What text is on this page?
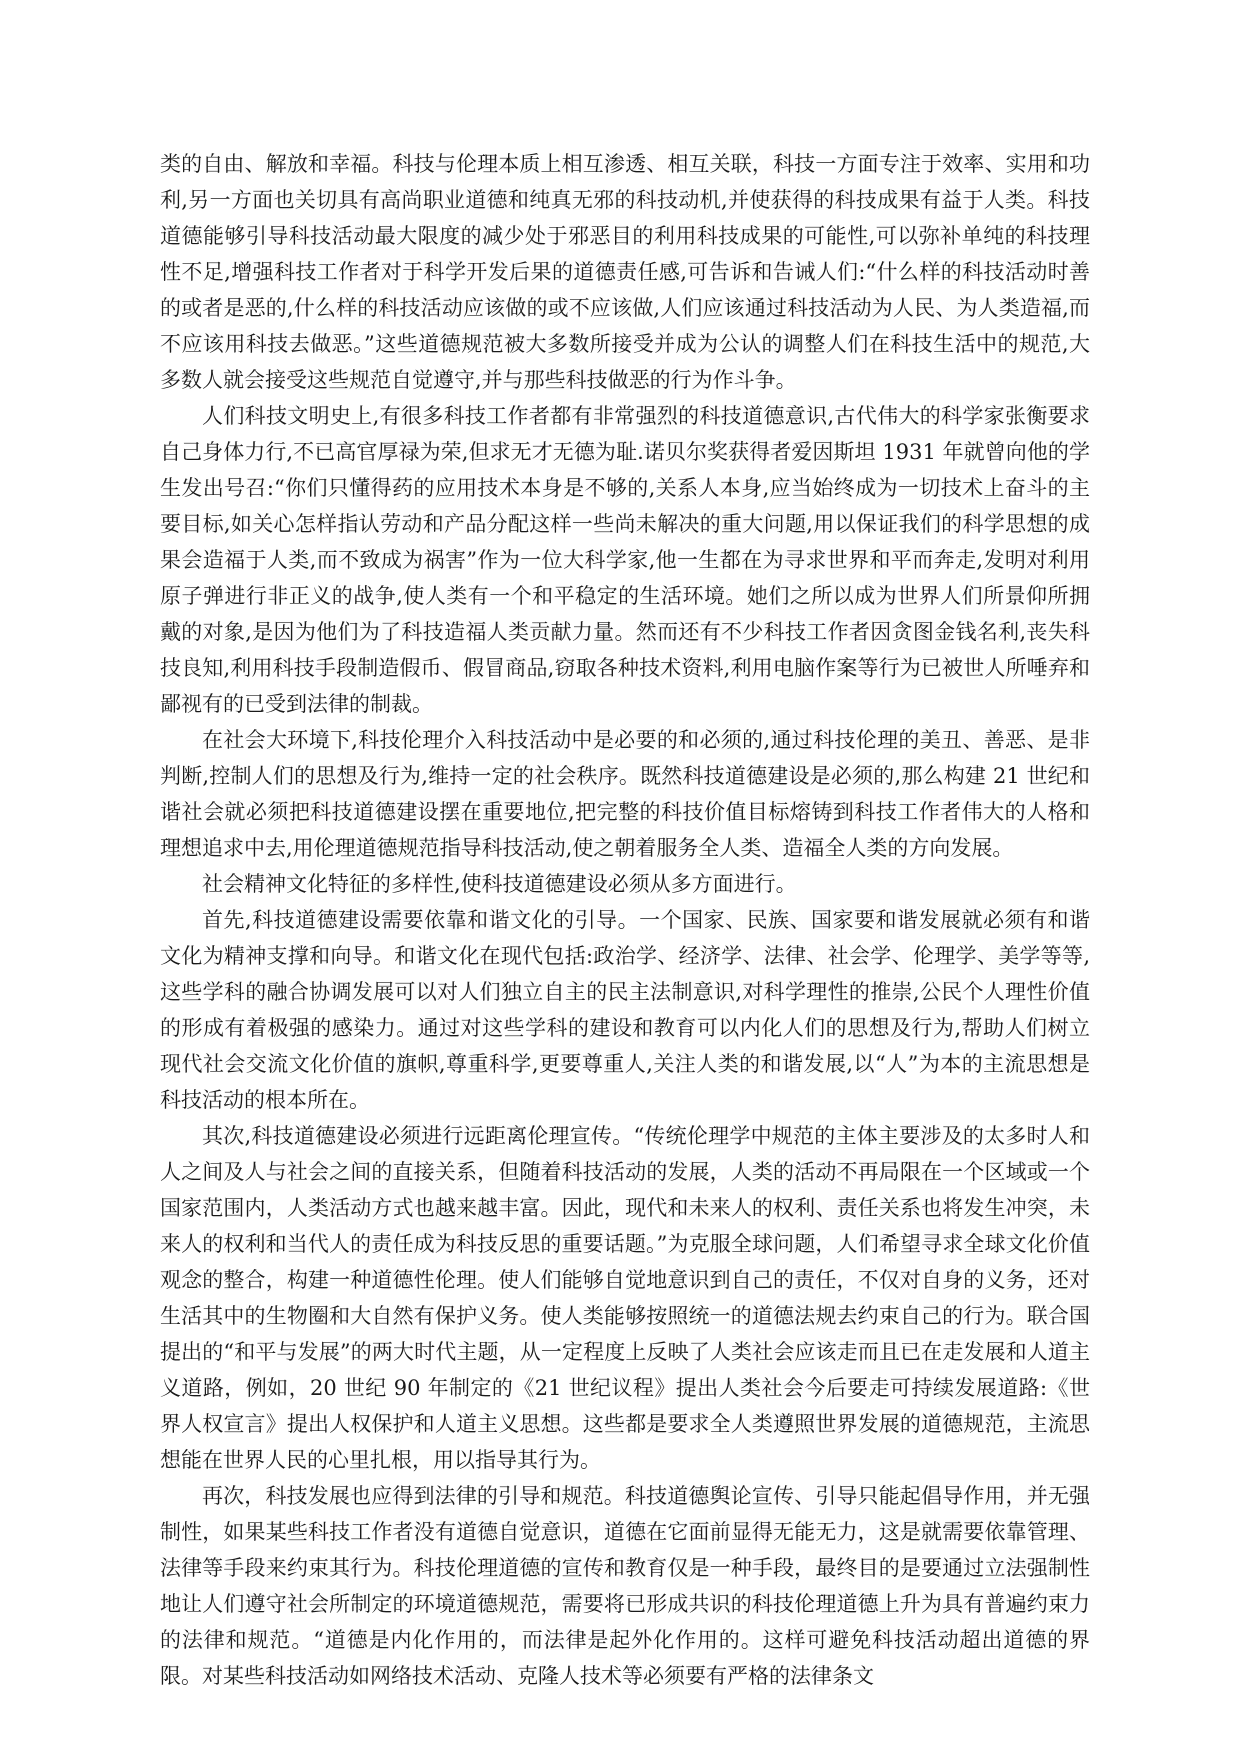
类的自由、解放和幸福。科技与伦理本质上相互渗透、相互关联，科技一方面专注于效率、实用和功利,另一方面也关切具有高尚职业道德和纯真无邪的科技动机,并使获得的科技成果有益于人类。科技道德能够引导科技活动最大限度的减少处于邪恶目的利用科技成果的可能性,可以弥补单纯的科技理性不足,增强科技工作者对于科学开发后果的道德责任感,可告诉和告诫人们:“什么样的科技活动时善的或者是恶的,什么样的科技活动应该做的或不应该做,人们应该通过科技活动为人民、为人类造福,而不应该用科技去做恶。”这些道德规范被大多数所接受并成为公认的调整人们在科技生活中的规范,大多数人就会接受这些规范自觉遵守,并与那些科技做恶的行为作斗争。

人们科技文明史上,有很多科技工作者都有非常强烈的科技道德意识,古代伟大的科学家张衡要求自己身体力行,不已高官厚禄为荣,但求无才无德为耻.诺贝尔奖获得者爱因斯坦 1931 年就曾向他的学生发出号召:“你们只懂得药的应用技术本身是不够的,关系人本身,应当始终成为一切技术上奋斗的主要目标,如关心怎样指认劳动和产品分配这样一些尚未解决的重大问题,用以保证我们的科学思想的成果会造福于人类,而不致成为祸害”作为一位大科学家,他一生都在为寻求世界和平而奔走,发明对利用原子弹进行非正义的战争,使人类有一个和平稳定的生活环境。她们之所以成为世界人们所景仰所拥戴的对象,是因为他们为了科技造福人类贡献力量。然而还有不少科技工作者因贪图金钱名利,丧失科技良知,利用科技手段制造假币、假冒商品,窃取各种技术资料,利用电脑作案等行为已被世人所唾弃和鄙视有的已受到法律的制裁。

在社会大环境下,科技伦理介入科技活动中是必要的和必须的,通过科技伦理的美丑、善恶、是非判断,控制人们的思想及行为,维持一定的社会秩序。既然科技道德建设是必须的,那么构建 21 世纪和谐社会就必须把科技道德建设摆在重要地位,把完整的科技价值目标熔铸到科技工作者伟大的人格和理想追求中去,用伦理道德规范指导科技活动,使之朝着服务全人类、造福全人类的方向发展。

社会精神文化特征的多样性,使科技道德建设必须从多方面进行。

首先,科技道德建设需要依靠和谐文化的引导。一个国家、民族、国家要和谐发展就必须有和谐文化为精神支撑和向导。和谐文化在现代包括:政治学、经济学、法律、社会学、伦理学、美学等等,这些学科的融合协调发展可以对人们独立自主的民主法制意识,对科学理性的推崇,公民个人理性价值的形成有着极强的感染力。通过对这些学科的建设和教育可以内化人们的思想及行为,帮助人们树立现代社会交流文化价值的旗帜,尊重科学,更要尊重人,关注人类的和谐发展,以“人”为本的主流思想是科技活动的根本所在。

其次,科技道德建设必须进行远距离伦理宣传。“传统伦理学中规范的主体主要涉及的太多时人和人之间及人与社会之间的直接关系，但随着科技活动的发展，人类的活动不再局限在一个区域或一个国家范围内，人类活动方式也越来越丰富。因此，现代和未来人的权利、责任关系也将发生冲突，未来人的权利和当代人的责任成为科技反思的重要话题。”为克服全球问题，人们希望寻求全球文化价值观念的整合，构建一种道德性伦理。使人们能够自觉地意识到自己的责任，不仅对自身的义务，还对生活其中的生物圈和大自然有保护义务。使人类能够按照统一的道德法规去约束自己的行为。联合国提出的“和平与发展”的两大时代主题，从一定程度上反映了人类社会应该走而且已在走发展和人道主义道路，例如，20 世纪 90 年制定的《21 世纪议程》提出人类社会今后要走可持续发展道路:《世界人权宣言》提出人权保护和人道主义思想。这些都是要求全人类遵照世界发展的道德规范，主流思想能在世界人民的心里扎根，用以指导其行为。

再次，科技发展也应得到法律的引导和规范。科技道德舆论宣传、引导只能起倡导作用，并无强制性，如果某些科技工作者没有道德自觉意识，道德在它面前显得无能无力，这是就需要依靠管理、法律等手段来约束其行为。科技伦理道德的宣传和教育仅是一种手段，最终目的是要通过立法强制性地让人们遵守社会所制定的环境道德规范，需要将已形成共识的科技伦理道德上升为具有普遍约束力的法律和规范。“道德是内化作用的，而法律是起外化作用的。这样可避免科技活动超出道德的界限。对某些科技活动如网络技术活动、克隆人技术等必须要有严格的法律条文
